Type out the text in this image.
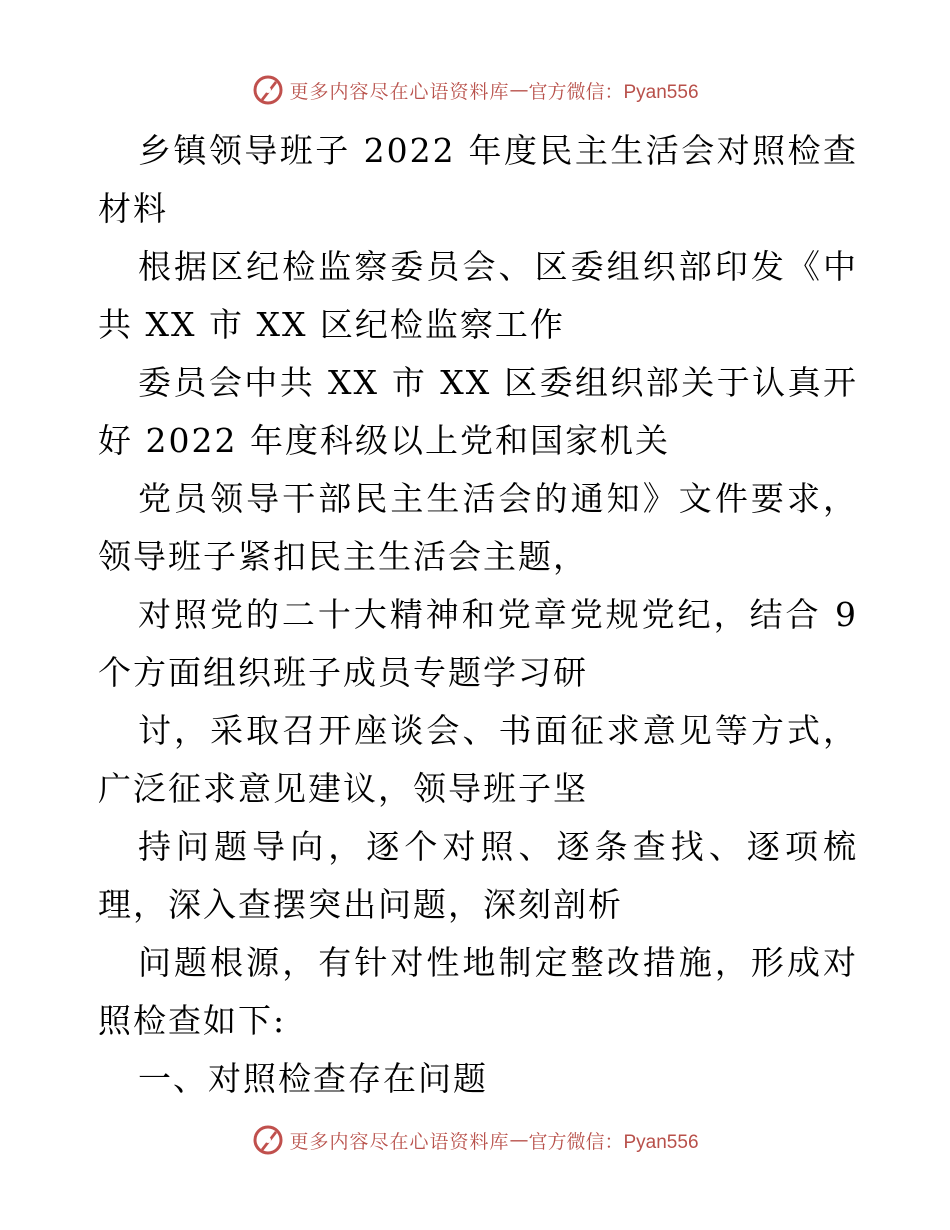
更多内容尽在心语资料库 — 官方微信：Pyan556

乡镇领导班子 2022 年度民主生活会对照检查材料

根据区纪检监察委员会、区委组织部印发《中共 XX 市 XX 区纪检监察工作

委员会中共 XX 市 XX 区委组织部关于认真开好 2022 年度科级以上党和国家机关

党员领导干部民主生活会的通知》文件要求，领导班子紧扣民主生活会主题，

对照党的二十大精神和党章党规党纪，结合 9 个方面组织班子成员专题学习研

讨，采取召开座谈会、书面征求意见等方式，广泛征求意见建议，领导班子坚

持问题导向，逐个对照、逐条查找、逐项梳理，深入查摆突出问题，深刻剖析

问题根源，有针对性地制定整改措施，形成对照检查如下:

一、对照检查存在问题

更多内容尽在心语资料库 — 官方微信：Pyan556
